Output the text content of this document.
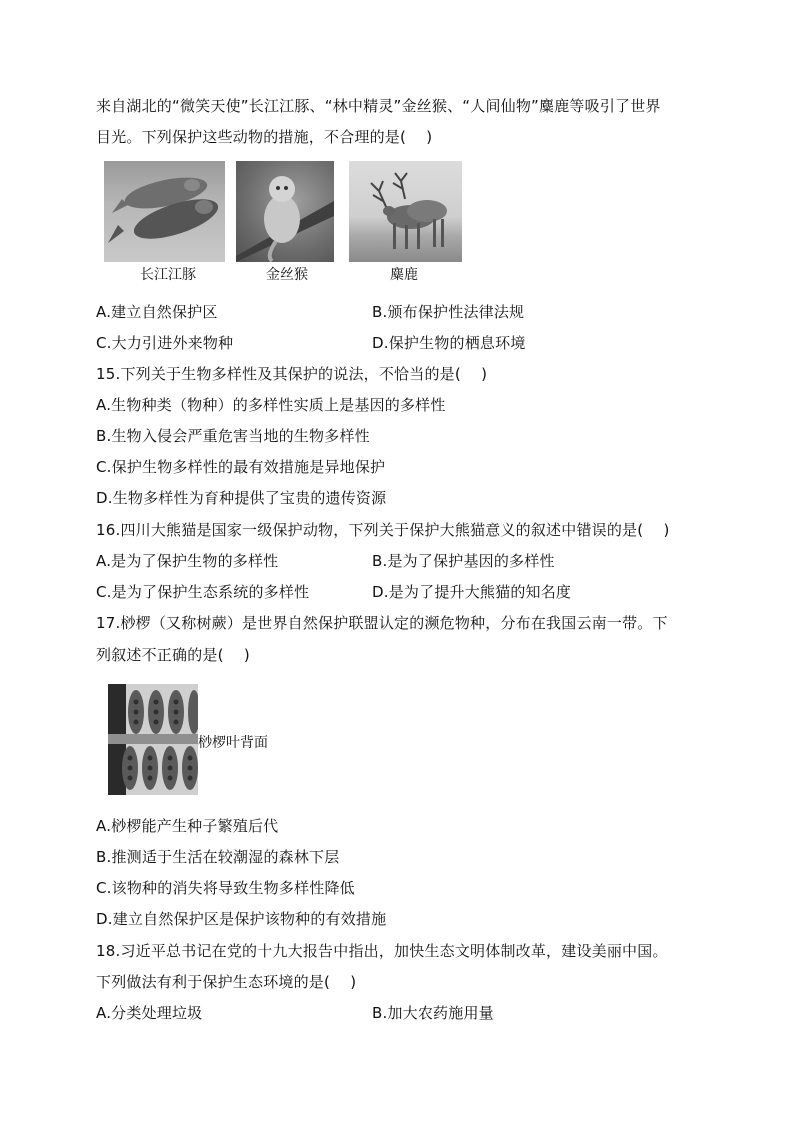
来自湖北的“微笑天使”长江江豚、“林中精灵”金丝猴、“人间仙物”麋鹿等吸引了世界
目光。下列保护这些动物的措施，不合理的是(　 )
长江江豚	金丝猴	麋鹿
A.建立自然保护区	B.颁布保护性法律法规
C.大力引进外来物种	D.保护生物的栖息环境
15.下列关于生物多样性及其保护的说法，不恰当的是(　 )
A.生物种类（物种）的多样性实质上是基因的多样性
B.生物入侵会严重危害当地的生物多样性
C.保护生物多样性的最有效措施是异地保护
D.生物多样性为育种提供了宝贵的遗传资源
16.四川大熊猫是国家一级保护动物，下列关于保护大熊猫意义的叙述中错误的是(　 )
A.是为了保护生物的多样性	B.是为了保护基因的多样性
C.是为了保护生态系统的多样性	D.是为了提升大熊猫的知名度
17.桫椤（又称树蕨）是世界自然保护联盟认定的濒危物种，分布在我国云南一带。下
列叙述不正确的是(　 )
桫椤叶背面
A.桫椤能产生种子繁殖后代
B.推测适于生活在较潮湿的森林下层
C.该物种的消失将导致生物多样性降低
D.建立自然保护区是保护该物种的有效措施
18.习近平总书记在党的十九大报告中指出，加快生态文明体制改革，建设美丽中国。
下列做法有利于保护生态环境的是(　 )
A.分类处理垃圾	B.加大农药施用量
